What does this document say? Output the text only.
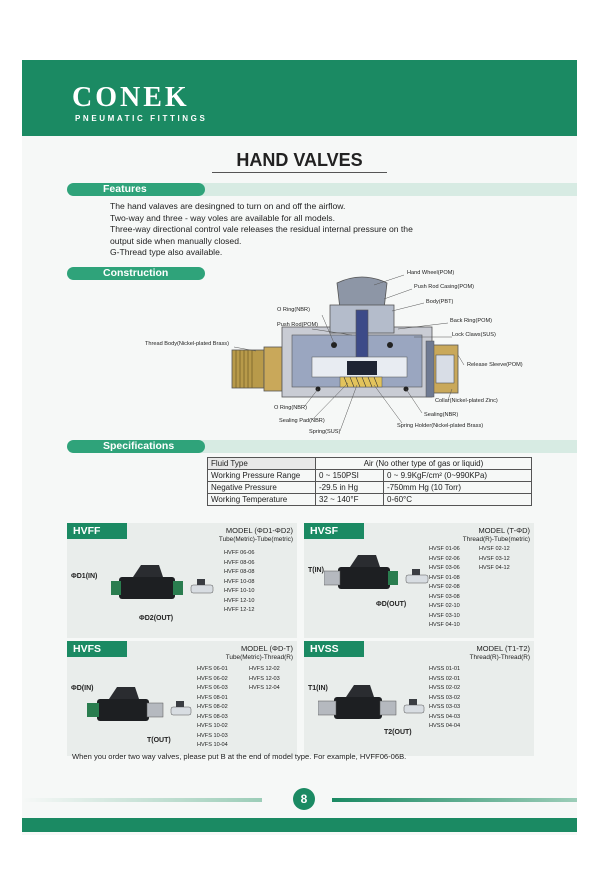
CONEK
PNEUMATIC FITTINGS
HAND VALVES
Features
The hand valaves are desingned to turn on and off the airflow.
Two-way and three - way voles are available for all models.
Three-way directional control vale releases the residual internal pressure on the
output side when manually closed.
G-Thread type also available.
Construction	Hand Wheel(POM)
Push Rod Casing(POM)
Body(PBT)
O Ring(NBR)
Back Ring(POM)
Push Rod(POM)
Lock Claws(SUS)
Thread Body(Nickel-plated Brass)
Release Sleeve(POM)
Collar(Nickel-plated Zinc)
O Ring(NBR)
Sealing(NBR)
Sealing Pad(NBR)
Spring Holder(Nickel-plated Brass)
Spring(SUS)
Specifications
Fluid Type	Air (No other type of gas or liquid)	
Working Pressure Range	0 ~ 150PSI	0 ~ 9.9KgF/cm² (0~990KPa)
Negative Pressure	-29.5 in Hg	-750mm Hg (10 Torr)
Working Temperature	32 ~ 140°F	0-60°C
HVFF	MODEL (ΦD1-ΦD2)
Tube(Metric)-Tube(metric)
HVFF 06-06
HVFF 08-06
HVFF 08-08
HVFF 10-08
HVFF 10-10
HVFF 12-10
HVFF 12-12
ΦD1(IN)
ΦD2(OUT)
HVSF	MODEL (T-ΦD)
Thread(R)-Tube(metric)
HVSF 01-06
HVSF 02-06
HVSF 03-06
HVSF 01-08
HVSF 02-08
HVSF 03-08
HVSF 02-10
HVSF 03-10
HVSF 04-10
HVSF 02-12
HVSF 03-12
HVSF 04-12
T(IN)
ΦD(OUT)
HVFS	MODEL (ΦD-T)
Tube(Metric)-Thread(R)
HVFS 06-01
HVFS 06-02
HVFS 06-03
HVFS 08-01
HVFS 08-02
HVFS 08-03
HVFS 10-02
HVFS 10-03
HVFS 10-04
HVFS 12-02
HVFS 12-03
HVFS 12-04
ΦD(IN)
T(OUT)
HVSS	MODEL (T1-T2)
Thread(R)-Thread(R)
HVSS 01-01
HVSS 02-01
HVSS 02-02
HVSS 03-02
HVSS 03-03
HVSS 04-03
HVSS 04-04
T1(IN)
T2(OUT)
When you order two way valves, please put B at the end of model type. For example, HVFF06-06B.
8
